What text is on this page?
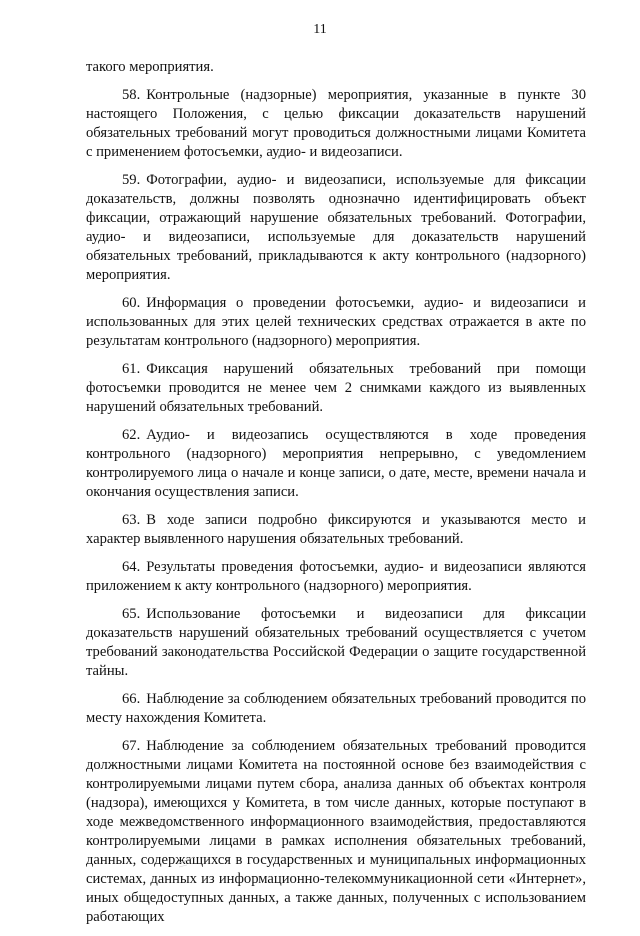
11

такого мероприятия.

58. Контрольные (надзорные) мероприятия, указанные в пункте 30 настоящего Положения, с целью фиксации доказательств нарушений обязательных требований могут проводиться должностными лицами Комитета с применением фотосъемки, аудио- и видеозаписи.

59. Фотографии, аудио- и видеозаписи, используемые для фиксации доказательств, должны позволять однозначно идентифицировать объект фиксации, отражающий нарушение обязательных требований. Фотографии, аудио- и видеозаписи, используемые для доказательств нарушений обязательных требований, прикладываются к акту контрольного (надзорного) мероприятия.

60. Информация о проведении фотосъемки, аудио- и видеозаписи и использованных для этих целей технических средствах отражается в акте по результатам контрольного (надзорного) мероприятия.

61. Фиксация нарушений обязательных требований при помощи фотосъемки проводится не менее чем 2 снимками каждого из выявленных нарушений обязательных требований.

62. Аудио- и видеозапись осуществляются в ходе проведения контрольного (надзорного) мероприятия непрерывно, с уведомлением контролируемого лица о начале и конце записи, о дате, месте, времени начала и окончания осуществления записи.

63. В ходе записи подробно фиксируются и указываются место и характер выявленного нарушения обязательных требований.

64. Результаты проведения фотосъемки, аудио- и видеозаписи являются приложением к акту контрольного (надзорного) мероприятия.

65. Использование фотосъемки и видеозаписи для фиксации доказательств нарушений обязательных требований осуществляется с учетом требований законодательства Российской Федерации о защите государственной тайны.

66. Наблюдение за соблюдением обязательных требований проводится по месту нахождения Комитета.

67. Наблюдение за соблюдением обязательных требований проводится должностными лицами Комитета на постоянной основе без взаимодействия с контролируемыми лицами путем сбора, анализа данных об объектах контроля (надзора), имеющихся у Комитета, в том числе данных, которые поступают в ходе межведомственного информационного взаимодействия, предоставляются контролируемыми лицами в рамках исполнения обязательных требований, данных, содержащихся в государственных и муниципальных информационных системах, данных из информационно-телекоммуникационной сети «Интернет», иных общедоступных данных, а также данных, полученных с использованием работающих
